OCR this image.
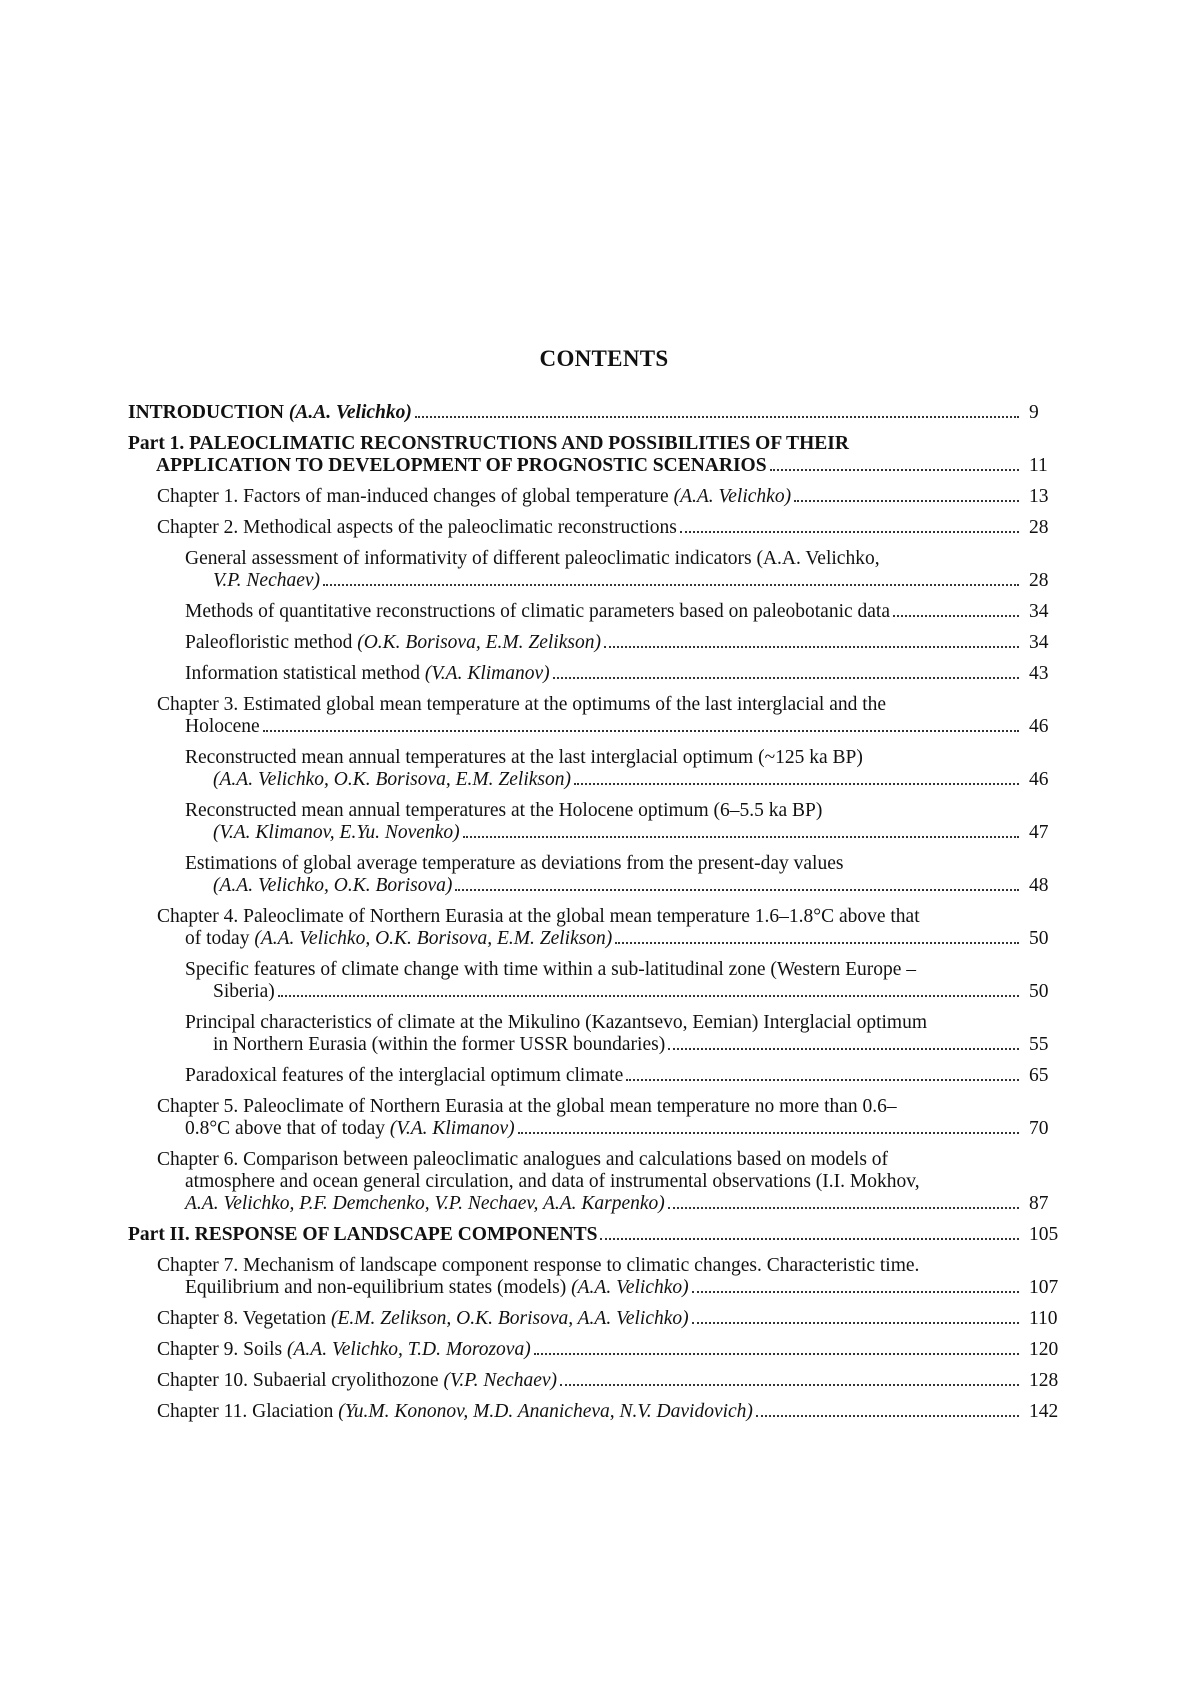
CONTENTS
INTRODUCTION (A.A. Velichko)	9
Part 1. PALEOCLIMATIC RECONSTRUCTIONS AND POSSIBILITIES OF THEIR
APPLICATION TO DEVELOPMENT OF PROGNOSTIC SCENARIOS	11
Chapter 1. Factors of man-induced changes of global temperature (A.A. Velichko)	13
Chapter 2. Methodical aspects of the paleoclimatic reconstructions	28
General assessment of informativity of different paleoclimatic indicators (A.A. Velichko,
V.P. Nechaev)	28
Methods of quantitative reconstructions of climatic parameters based on paleobotanic data	34
Paleofloristic method (O.K. Borisova, E.M. Zelikson)	34
Information statistical method (V.A. Klimanov)	43
Chapter 3. Estimated global mean temperature at the optimums of the last interglacial and the
Holocene	46
Reconstructed mean annual temperatures at the last interglacial optimum (~125 ka BP)
(A.A. Velichko, O.K. Borisova, E.M. Zelikson)	46
Reconstructed mean annual temperatures at the Holocene optimum (6–5.5 ka BP)
(V.A. Klimanov, E.Yu. Novenko)	47
Estimations of global average temperature as deviations from the present-day values
(A.A. Velichko, O.K. Borisova)	48
Chapter 4. Paleoclimate of Northern Eurasia at the global mean temperature 1.6–1.8°C above that
of today (A.A. Velichko, O.K. Borisova, E.M. Zelikson)	50
Specific features of climate change with time within a sub-latitudinal zone (Western Europe –
Siberia)	50
Principal characteristics of climate at the Mikulino (Kazantsevo, Eemian) Interglacial optimum
in Northern Eurasia (within the former USSR boundaries)	55
Paradoxical features of the interglacial optimum climate	65
Chapter 5. Paleoclimate of Northern Eurasia at the global mean temperature no more than 0.6–
0.8°C above that of today (V.A. Klimanov)	70
Chapter 6. Comparison between paleoclimatic analogues and calculations based on models of
atmosphere and ocean general circulation, and data of instrumental observations (I.I. Mokhov,
A.A. Velichko, P.F. Demchenko, V.P. Nechaev, A.A. Karpenko)	87
Part II. RESPONSE OF LANDSCAPE COMPONENTS	105
Chapter 7. Mechanism of landscape component response to climatic changes. Characteristic time.
Equilibrium and non-equilibrium states (models) (A.A. Velichko)	107
Chapter 8. Vegetation (E.M. Zelikson, O.K. Borisova, A.A. Velichko)	110
Chapter 9. Soils (A.A. Velichko, T.D. Morozova)	120
Chapter 10. Subaerial cryolithozone (V.P. Nechaev)	128
Chapter 11. Glaciation (Yu.M. Kononov, M.D. Ananicheva, N.V. Davidovich)	142
